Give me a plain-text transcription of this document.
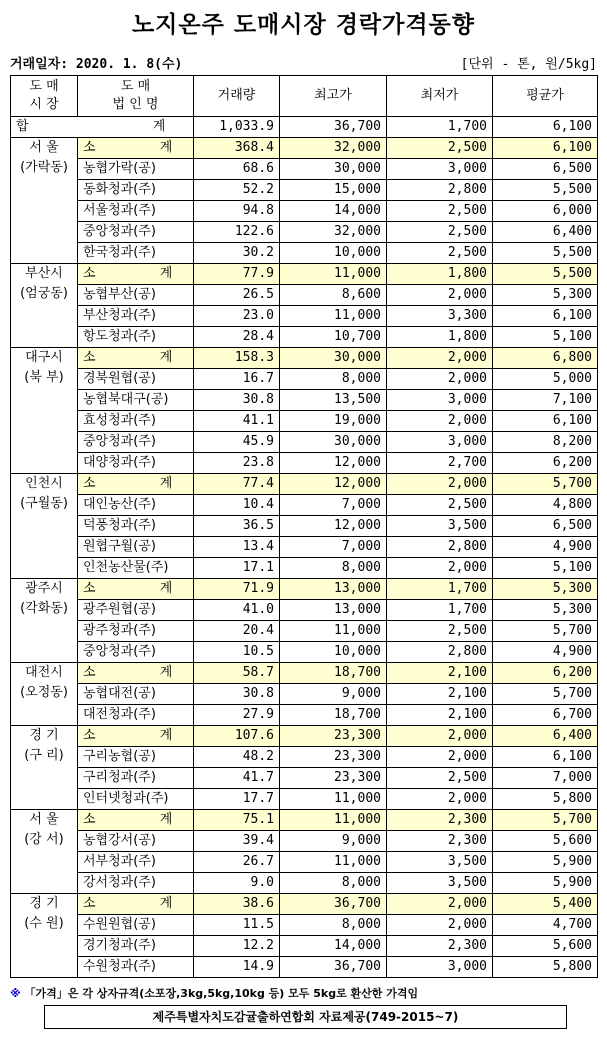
노지온주 도매시장 경락가격동향
거래일자: 2020. 1. 8(수)	[단위 - 톤, 원/5kg]
도 매
시 장	도 매
법 인 명	거래량	최고가	최저가	평균가
합 계		1,033.9	36,700	1,700	6,100

서 울
(가락동)	소 계	368.4	32,000	2,500	6,100
	농협가락(공)	68.6	30,000	3,000	6,500
	동화청과(주)	52.2	15,000	2,800	5,500
	서울청과(주)	94.8	14,000	2,500	6,000
	중앙청과(주)	122.6	32,000	2,500	6,400
	한국청과(주)	30.2	10,000	2,500	5,500

부산시
(엄궁동)	소 계	77.9	11,000	1,800	5,500
	농협부산(공)	26.5	8,600	2,000	5,300
	부산청과(주)	23.0	11,000	3,300	6,100
	항도청과(주)	28.4	10,700	1,800	5,100

대구시
(북 부)	소 계	158.3	30,000	2,000	6,800
	경북원협(공)	16.7	8,000	2,000	5,000
	농협북대구(공)	30.8	13,500	3,000	7,100
	효성청과(주)	41.1	19,000	2,000	6,100
	중앙청과(주)	45.9	30,000	3,000	8,200
	대양청과(주)	23.8	12,000	2,700	6,200

인천시
(구월동)	소 계	77.4	12,000	2,000	5,700
	대인농산(주)	10.4	7,000	2,500	4,800
	덕풍청과(주)	36.5	12,000	3,500	6,500
	원협구월(공)	13.4	7,000	2,800	4,900
	인천농산물(주)	17.1	8,000	2,000	5,100

광주시
(각화동)	소 계	71.9	13,000	1,700	5,300
	광주원협(공)	41.0	13,000	1,700	5,300
	광주청과(주)	20.4	11,000	2,500	5,700
	중앙청과(주)	10.5	10,000	2,800	4,900

대전시
(오정동)	소 계	58.7	18,700	2,100	6,200
	농협대전(공)	30.8	9,000	2,100	5,700
	대전청과(주)	27.9	18,700	2,100	6,700

경 기
(구 리)	소 계	107.6	23,300	2,000	6,400
	구리농협(공)	48.2	23,300	2,000	6,100
	구리청과(주)	41.7	23,300	2,500	7,000
	인터넷청과(주)	17.7	11,000	2,000	5,800

서 울
(강 서)	소 계	75.1	11,000	2,300	5,700
	농협강서(공)	39.4	9,000	2,300	5,600
	서부청과(주)	26.7	11,000	3,500	5,900
	강서청과(주)	9.0	8,000	3,500	5,900

경 기
(수 원)	소 계	38.6	36,700	2,000	5,400
	수원원협(공)	11.5	8,000	2,000	4,700
	경기청과(주)	12.2	14,000	2,300	5,600
	수원청과(주)	14.9	36,700	3,000	5,800
※ 「가격」은 각 상자규격(소포장,3kg,5kg,10kg 등) 모두 5kg로 환산한 가격임
제주특별자치도감귤출하연합회 자료제공(749-2015~7)
